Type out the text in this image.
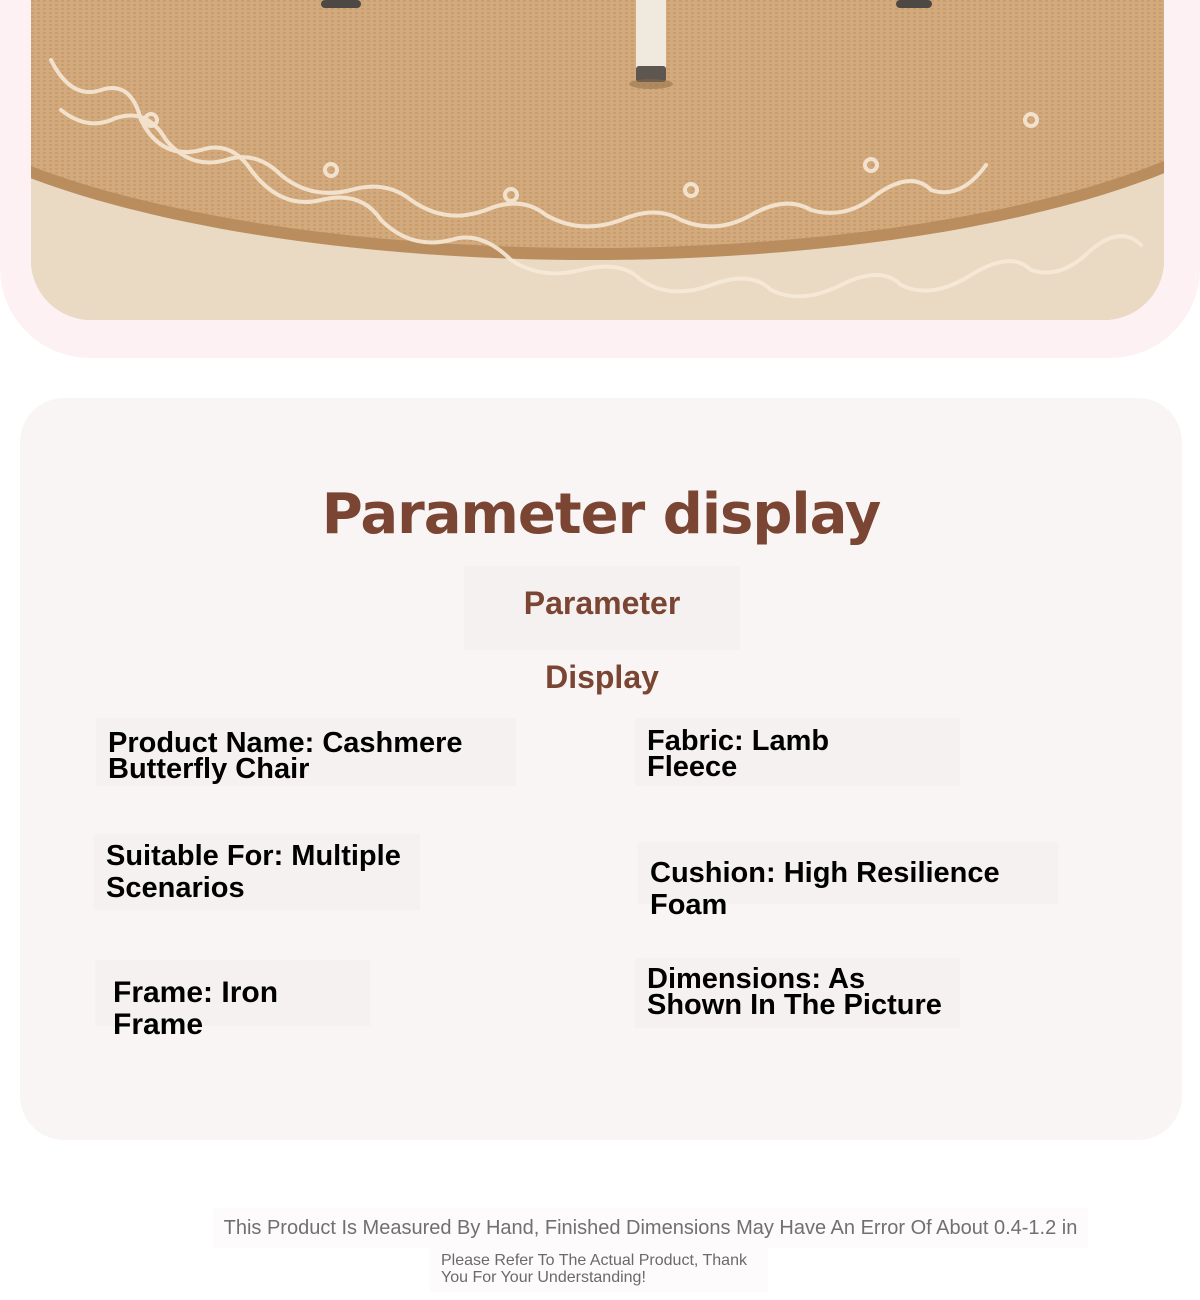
Parameter display
Parameter Display
Product Name: Cashmere
Butterfly Chair
Fabric: Lamb
Fleece
Suitable For: Multiple
Scenarios	Cushion: High Resilience Foam
Frame: Iron Frame
Dimensions: As
Shown In The Picture
This Product Is Measured By Hand, Finished Dimensions May Have An Error Of About 0.4-1.2 in
Please Refer To The Actual Product, Thank
You For Your Understanding!
